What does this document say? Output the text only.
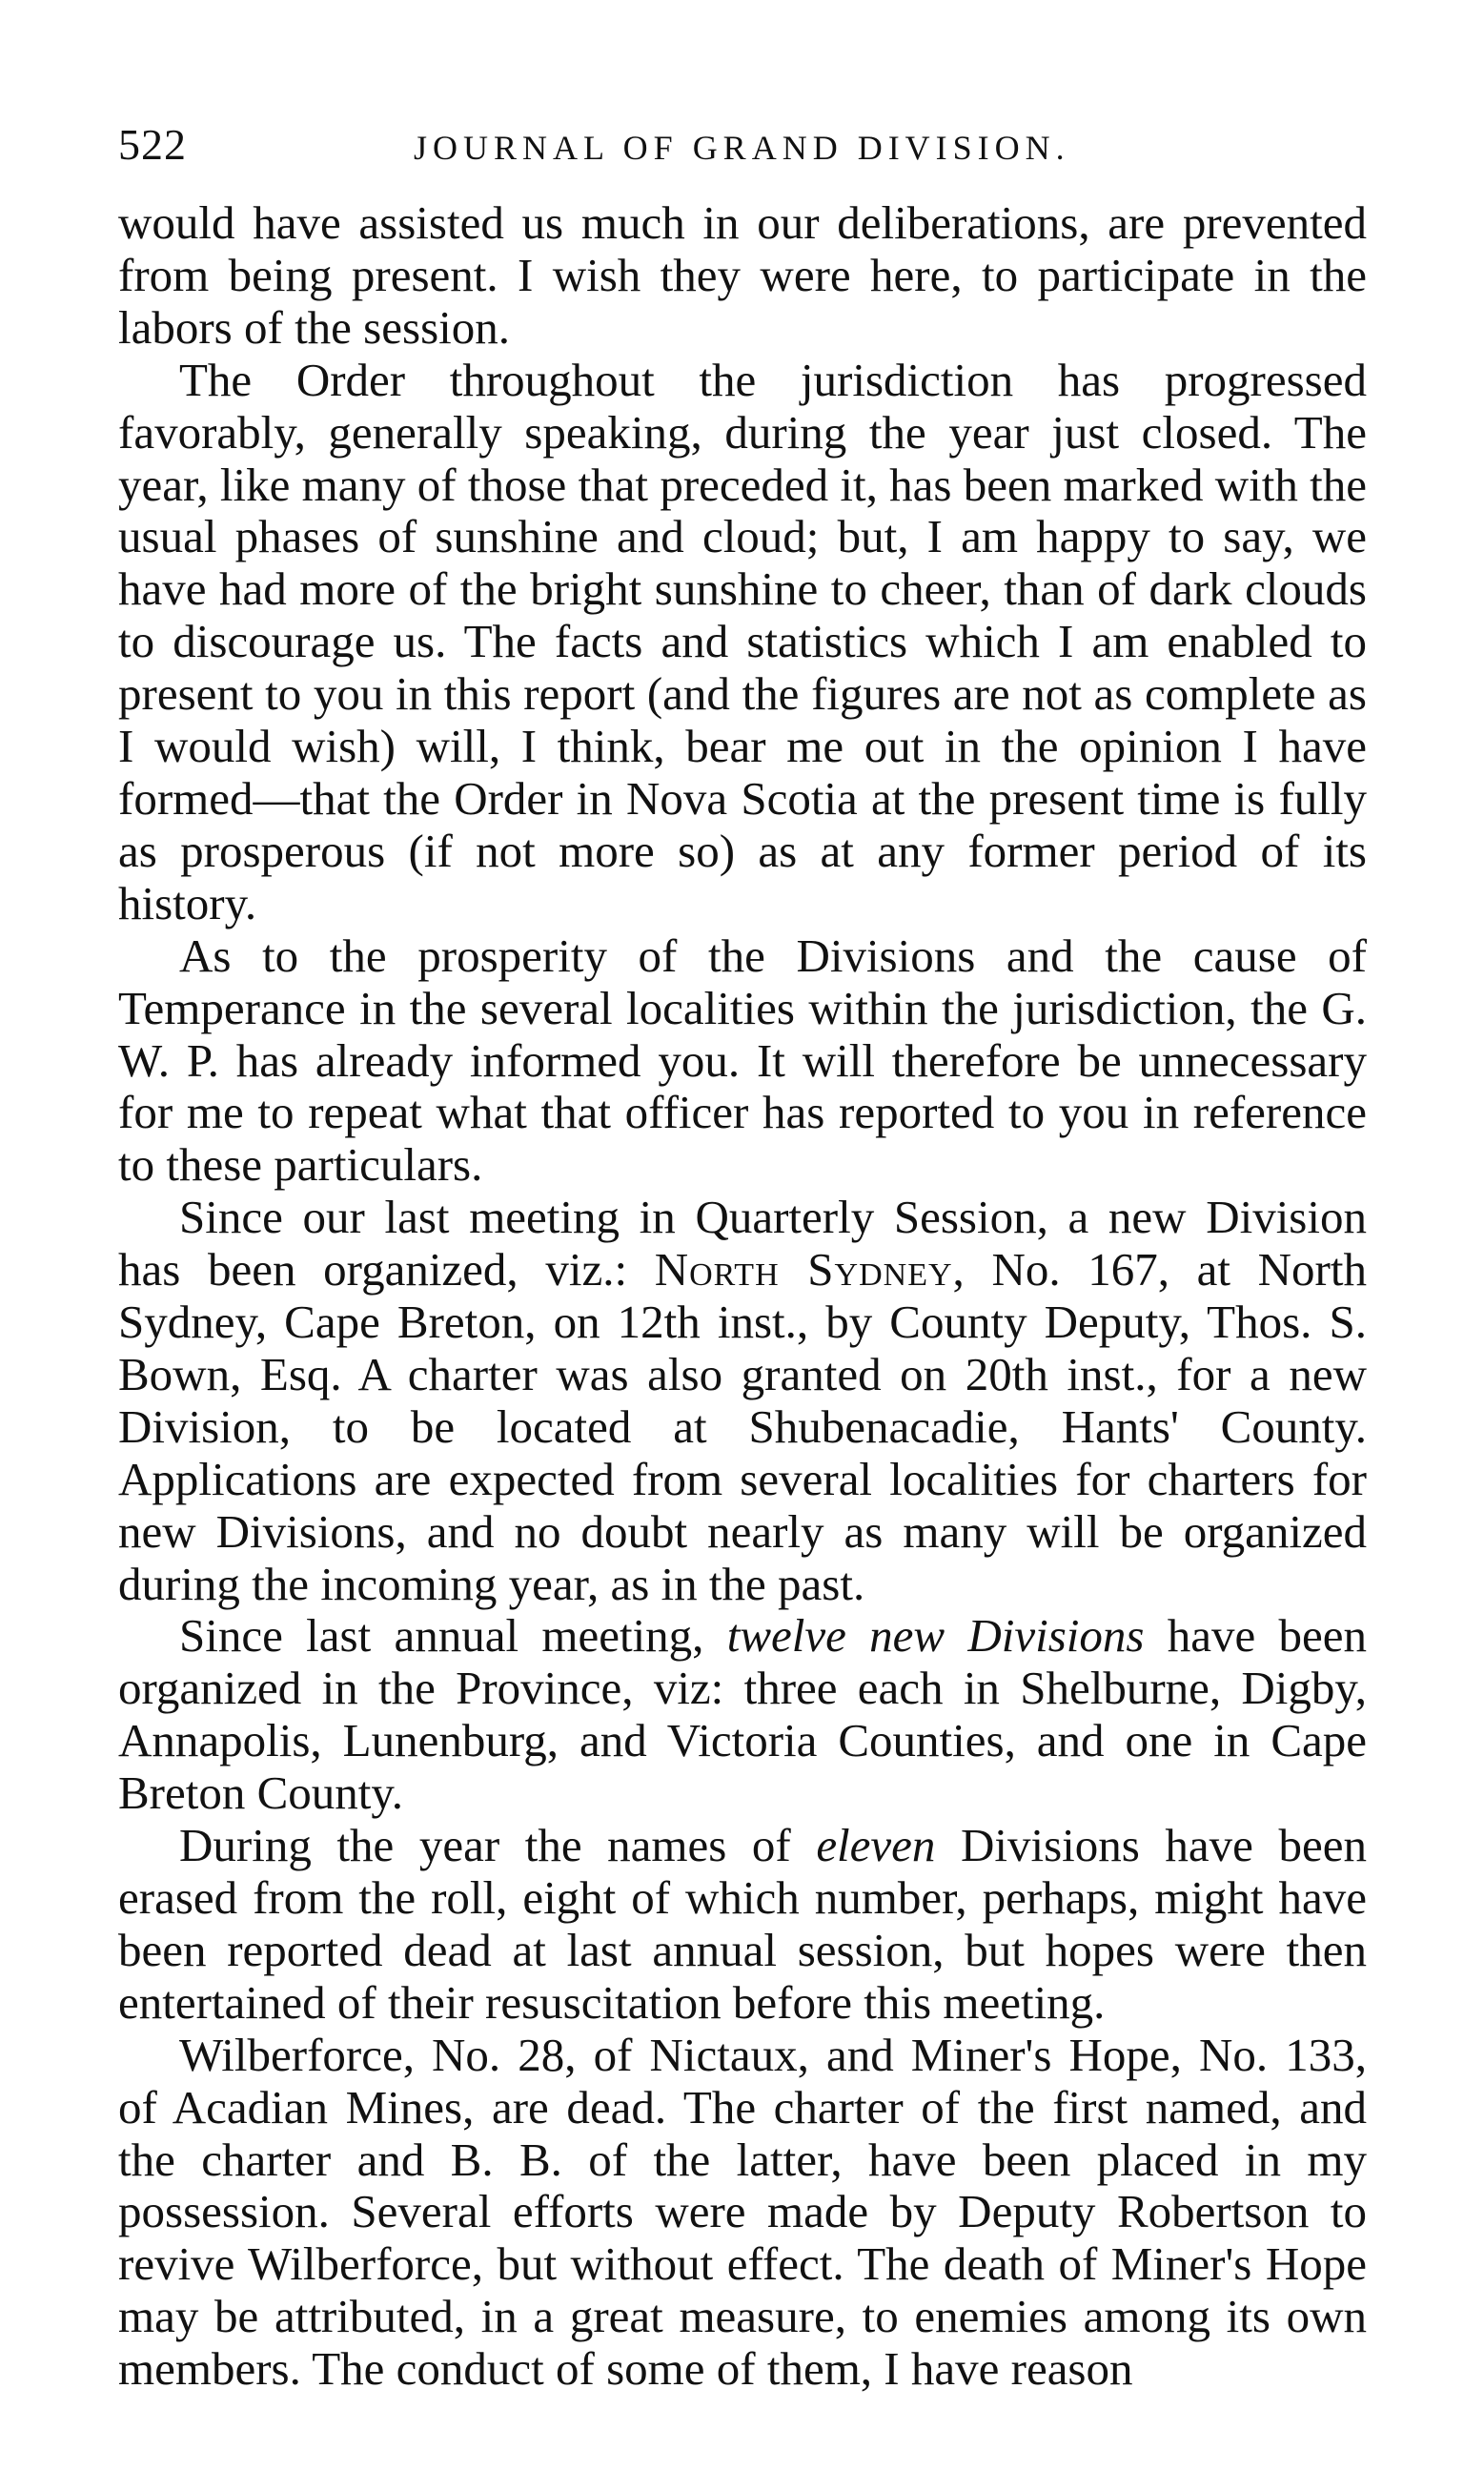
522	JOURNAL OF GRAND DIVISION.

would have assisted us much in our deliberations, are prevented from being present. I wish they were here, to participate in the labors of the session.

The Order throughout the jurisdiction has progressed favorably, generally speaking, during the year just closed. The year, like many of those that preceded it, has been marked with the usual phases of sunshine and cloud; but, I am happy to say, we have had more of the bright sunshine to cheer, than of dark clouds to discourage us. The facts and statistics which I am enabled to present to you in this report (and the figures are not as complete as I would wish) will, I think, bear me out in the opinion I have formed—that the Order in Nova Scotia at the present time is fully as prosperous (if not more so) as at any former period of its history.

As to the prosperity of the Divisions and the cause of Temperance in the several localities within the jurisdiction, the G. W. P. has already informed you. It will therefore be unnecessary for me to repeat what that officer has reported to you in reference to these particulars.

Since our last meeting in Quarterly Session, a new Division has been organized, viz.: North Sydney, No. 167, at North Sydney, Cape Breton, on 12th inst., by County Deputy, Thos. S. Bown, Esq. A charter was also granted on 20th inst., for a new Division, to be located at Shubenacadie, Hants' County. Applications are expected from several localities for charters for new Divisions, and no doubt nearly as many will be organized during the incoming year, as in the past.

Since last annual meeting, twelve new Divisions have been organized in the Province, viz: three each in Shelburne, Digby, Annapolis, Lunenburg, and Victoria Counties, and one in Cape Breton County.

During the year the names of eleven Divisions have been erased from the roll, eight of which number, perhaps, might have been reported dead at last annual session, but hopes were then entertained of their resuscitation before this meeting.

Wilberforce, No. 28, of Nictaux, and Miner's Hope, No. 133, of Acadian Mines, are dead. The charter of the first named, and the charter and B. B. of the latter, have been placed in my possession. Several efforts were made by Deputy Robertson to revive Wilberforce, but without effect. The death of Miner's Hope may be attributed, in a great measure, to enemies among its own members. The conduct of some of them, I have reason
